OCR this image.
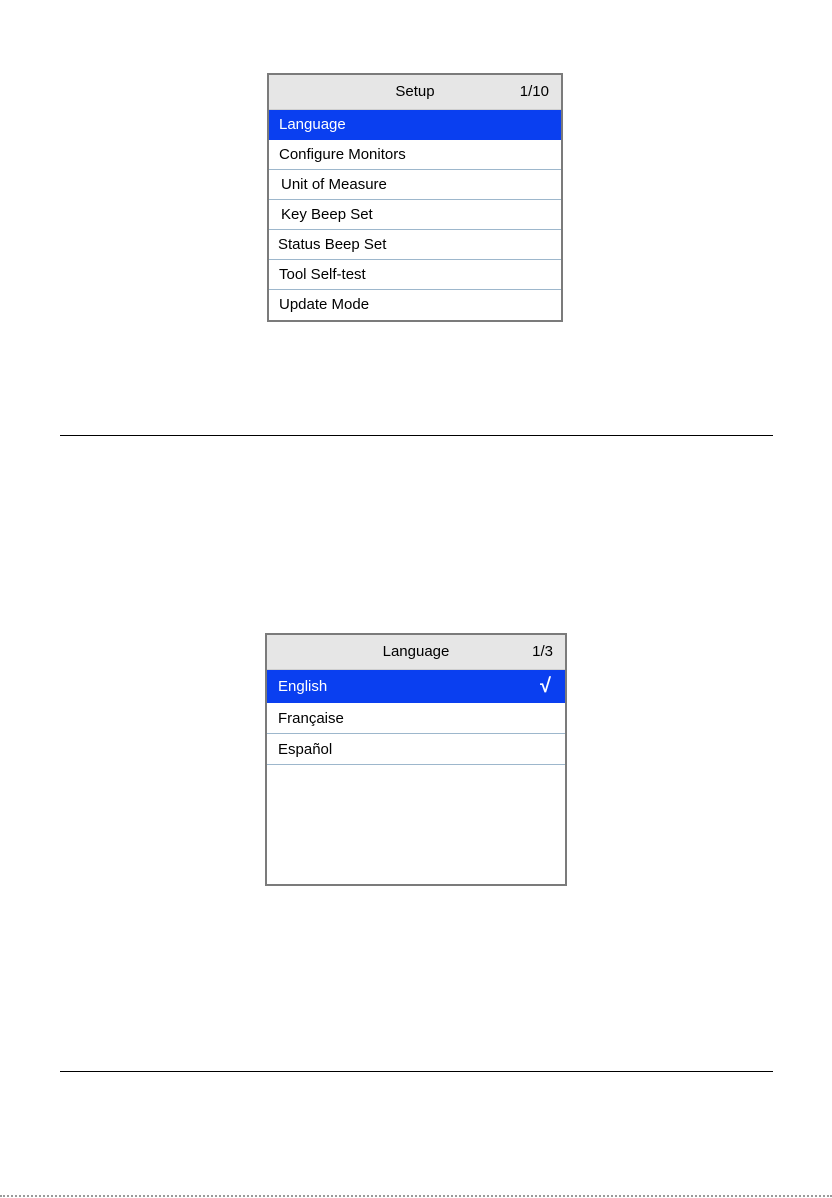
Setup	1/10
Language
Configure Monitors
Unit of Measure
Key Beep Set
Status Beep Set
Tool Self-test
Update Mode
Language	1/3
English	√
Française
Español
